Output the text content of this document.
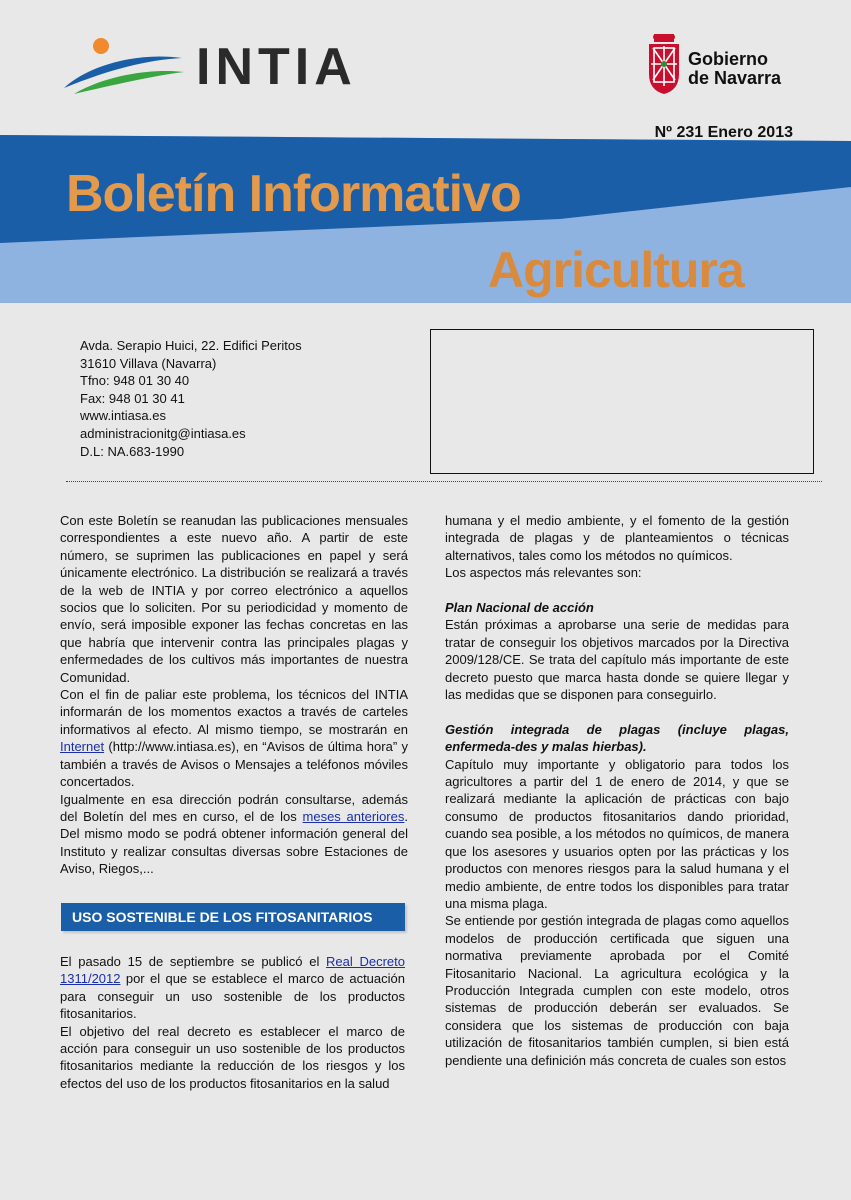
INTIA	Gobierno
de Navarra
Nº 231 Enero 2013
Boletín Informativo
Agricultura
Avda. Serapio Huici, 22. Edifici Peritos
31610 Villava (Navarra)
Tfno: 948 01 30 40
Fax: 948 01 30 41
www.intiasa.es
administracionitg@intiasa.es
D.L: NA.683-1990

Con este Boletín se reanudan las publicaciones mensuales correspondientes a este nuevo año. A partir de este número, se suprimen las publicaciones en papel y será únicamente electrónico. La distribución se realizará a través de la web de INTIA y por correo electrónico a aquellos socios que lo soliciten. Por su periodicidad y momento de envío, será imposible exponer las fechas concretas en las que habría que intervenir contra las principales plagas y enfermedades de los cultivos más importantes de nuestra Comunidad.

Con el fin de paliar este problema, los técnicos del INTIA informarán de los momentos exactos a través de carteles informativos al efecto. Al mismo tiempo, se mostrarán en Internet (http://www.intiasa.es), en “Avisos de última hora” y también a través de Avisos o Mensajes a teléfonos móviles concertados.

Igualmente en esa dirección podrán consultarse, además del Boletín del mes en curso, el de los meses anteriores. Del mismo modo se podrá obtener información general del Instituto y realizar consultas diversas sobre Estaciones de Aviso, Riegos,...

USO SOSTENIBLE DE LOS FITOSANITARIOS

El pasado 15 de septiembre se publicó el Real Decreto 1311/2012 por el que se establece el marco de actuación para conseguir un uso sostenible de los productos fitosanitarios.

El objetivo del real decreto es establecer el marco de acción para conseguir un uso sostenible de los productos fitosanitarios mediante la reducción de los riesgos y los efectos del uso de los productos fitosanitarios en la salud

humana y el medio ambiente, y el fomento de la gestión integrada de plagas y de planteamientos o técnicas alternativos, tales como los métodos no químicos.

Los aspectos más relevantes son:

Plan Nacional de acción

Están próximas a aprobarse una serie de medidas para tratar de conseguir los objetivos marcados por la Directiva 2009/128/CE. Se trata del capítulo más importante de este decreto puesto que marca hasta donde se quiere llegar y las medidas que se disponen para conseguirlo.

Gestión integrada de plagas (incluye plagas, enfermeda-des y malas hierbas).

Capítulo muy importante y obligatorio para todos los agricultores a partir del 1 de enero de 2014, y que se realizará mediante la aplicación de prácticas con bajo consumo de productos fitosanitarios dando prioridad, cuando sea posible, a los métodos no químicos, de manera que los asesores y usuarios opten por las prácticas y los productos con menores riesgos para la salud humana y el medio ambiente, de entre todos los disponibles para tratar una misma plaga.

Se entiende por gestión integrada de plagas como aquellos modelos de producción certificada que siguen una normativa previamente aprobada por el Comité Fitosanitario Nacional. La agricultura ecológica y la Producción Integrada cumplen con este modelo, otros sistemas de producción deberán ser evaluados. Se considera que los sistemas de producción con baja utilización de fitosanitarios también cumplen, si bien está pendiente una definición más concreta de cuales son estos
